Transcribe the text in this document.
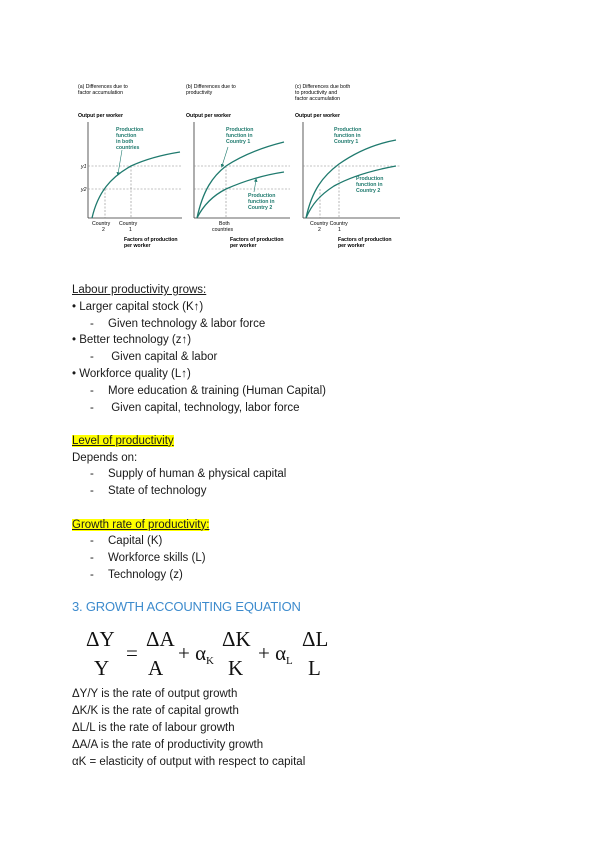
(a) Differences due to
factor accumulation
Output per worker
Production
function
in both
countries
y1
y2
Country
2
Country
1
Factors of production
per worker
(b) Differences due to
productivity
Output per worker
Production
function in
Country 1
Production
function in
Country 2
Both
countries
Factors of production
per worker
(c) Differences due both
to productivity and
factor accumulation
Output per worker
Production
function in
Country 1
Production
function in
Country 2
Country Country
2	1
Factors of production
per worker
Labour productivity grows:
• Larger capital stock (K↑)
- Given technology & labor force
• Better technology (z↑)
- Given capital & labor
• Workforce quality (L↑)
- More education & training (Human Capital)
- Given capital, technology, labor force
Level of productivity
Depends on:
- Supply of human & physical capital
- State of technology
Growth rate of productivity:
- Capital (K)
- Workforce skills (L)
- Technology (z)
3. GROWTH ACCOUNTING EQUATION
ΔY
Y
=
ΔA
A
+ α
ΔK
K
+ α
ΔL
L
K	L
ΔY/Y is the rate of output growth
ΔK/K is the rate of capital growth
ΔL/L is the rate of labour growth
ΔA/A is the rate of productivity growth
αK = elasticity of output with respect to capital
